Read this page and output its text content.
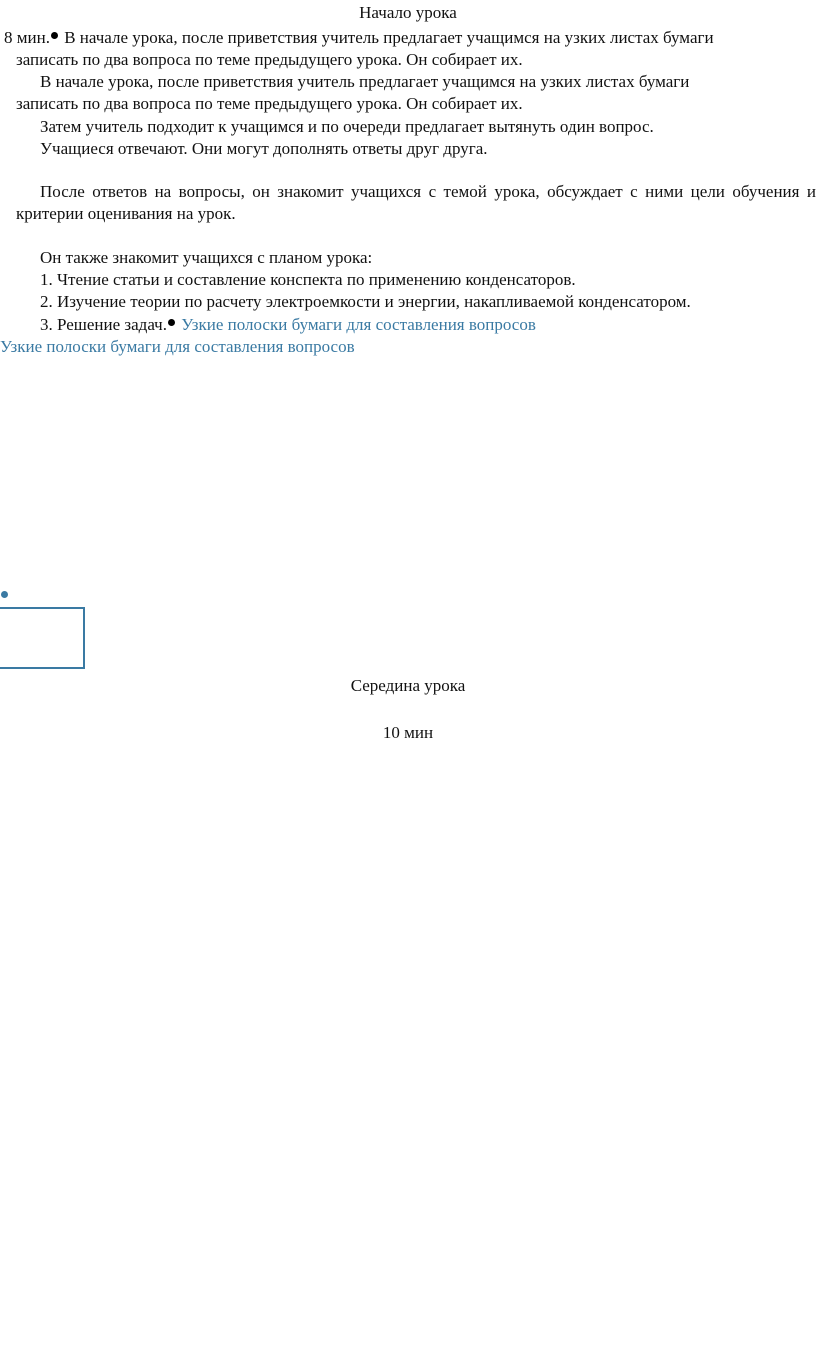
Начало урока
8 мин. В начале урока, после приветствия учитель предлагает учащимся на узких листах бумаги
записать по два вопроса по теме предыдущего урока. Он собирает их.
В начале урока, после приветствия учитель предлагает учащимся на узких листах бумаги
записать по два вопроса по теме предыдущего урока. Он собирает их.
Затем учитель подходит к учащимся и по очереди предлагает вытянуть один вопрос.
Учащиеся отвечают. Они могут дополнять ответы друг друга.
После ответов на вопросы, он знакомит учащихся с темой урока, обсуждает с ними цели обучения и критерии оценивания на урок.
Он также знакомит учащихся с планом урока:
1. Чтение статьи и составление конспекта по применению конденсаторов.
2. Изучение теории по расчету электроемкости и энергии, накапливаемой конденсатором.
3. Решение задач. Узкие полоски бумаги для составления вопросов
Узкие полоски бумаги для составления вопросов
Середина урока
10 мин
